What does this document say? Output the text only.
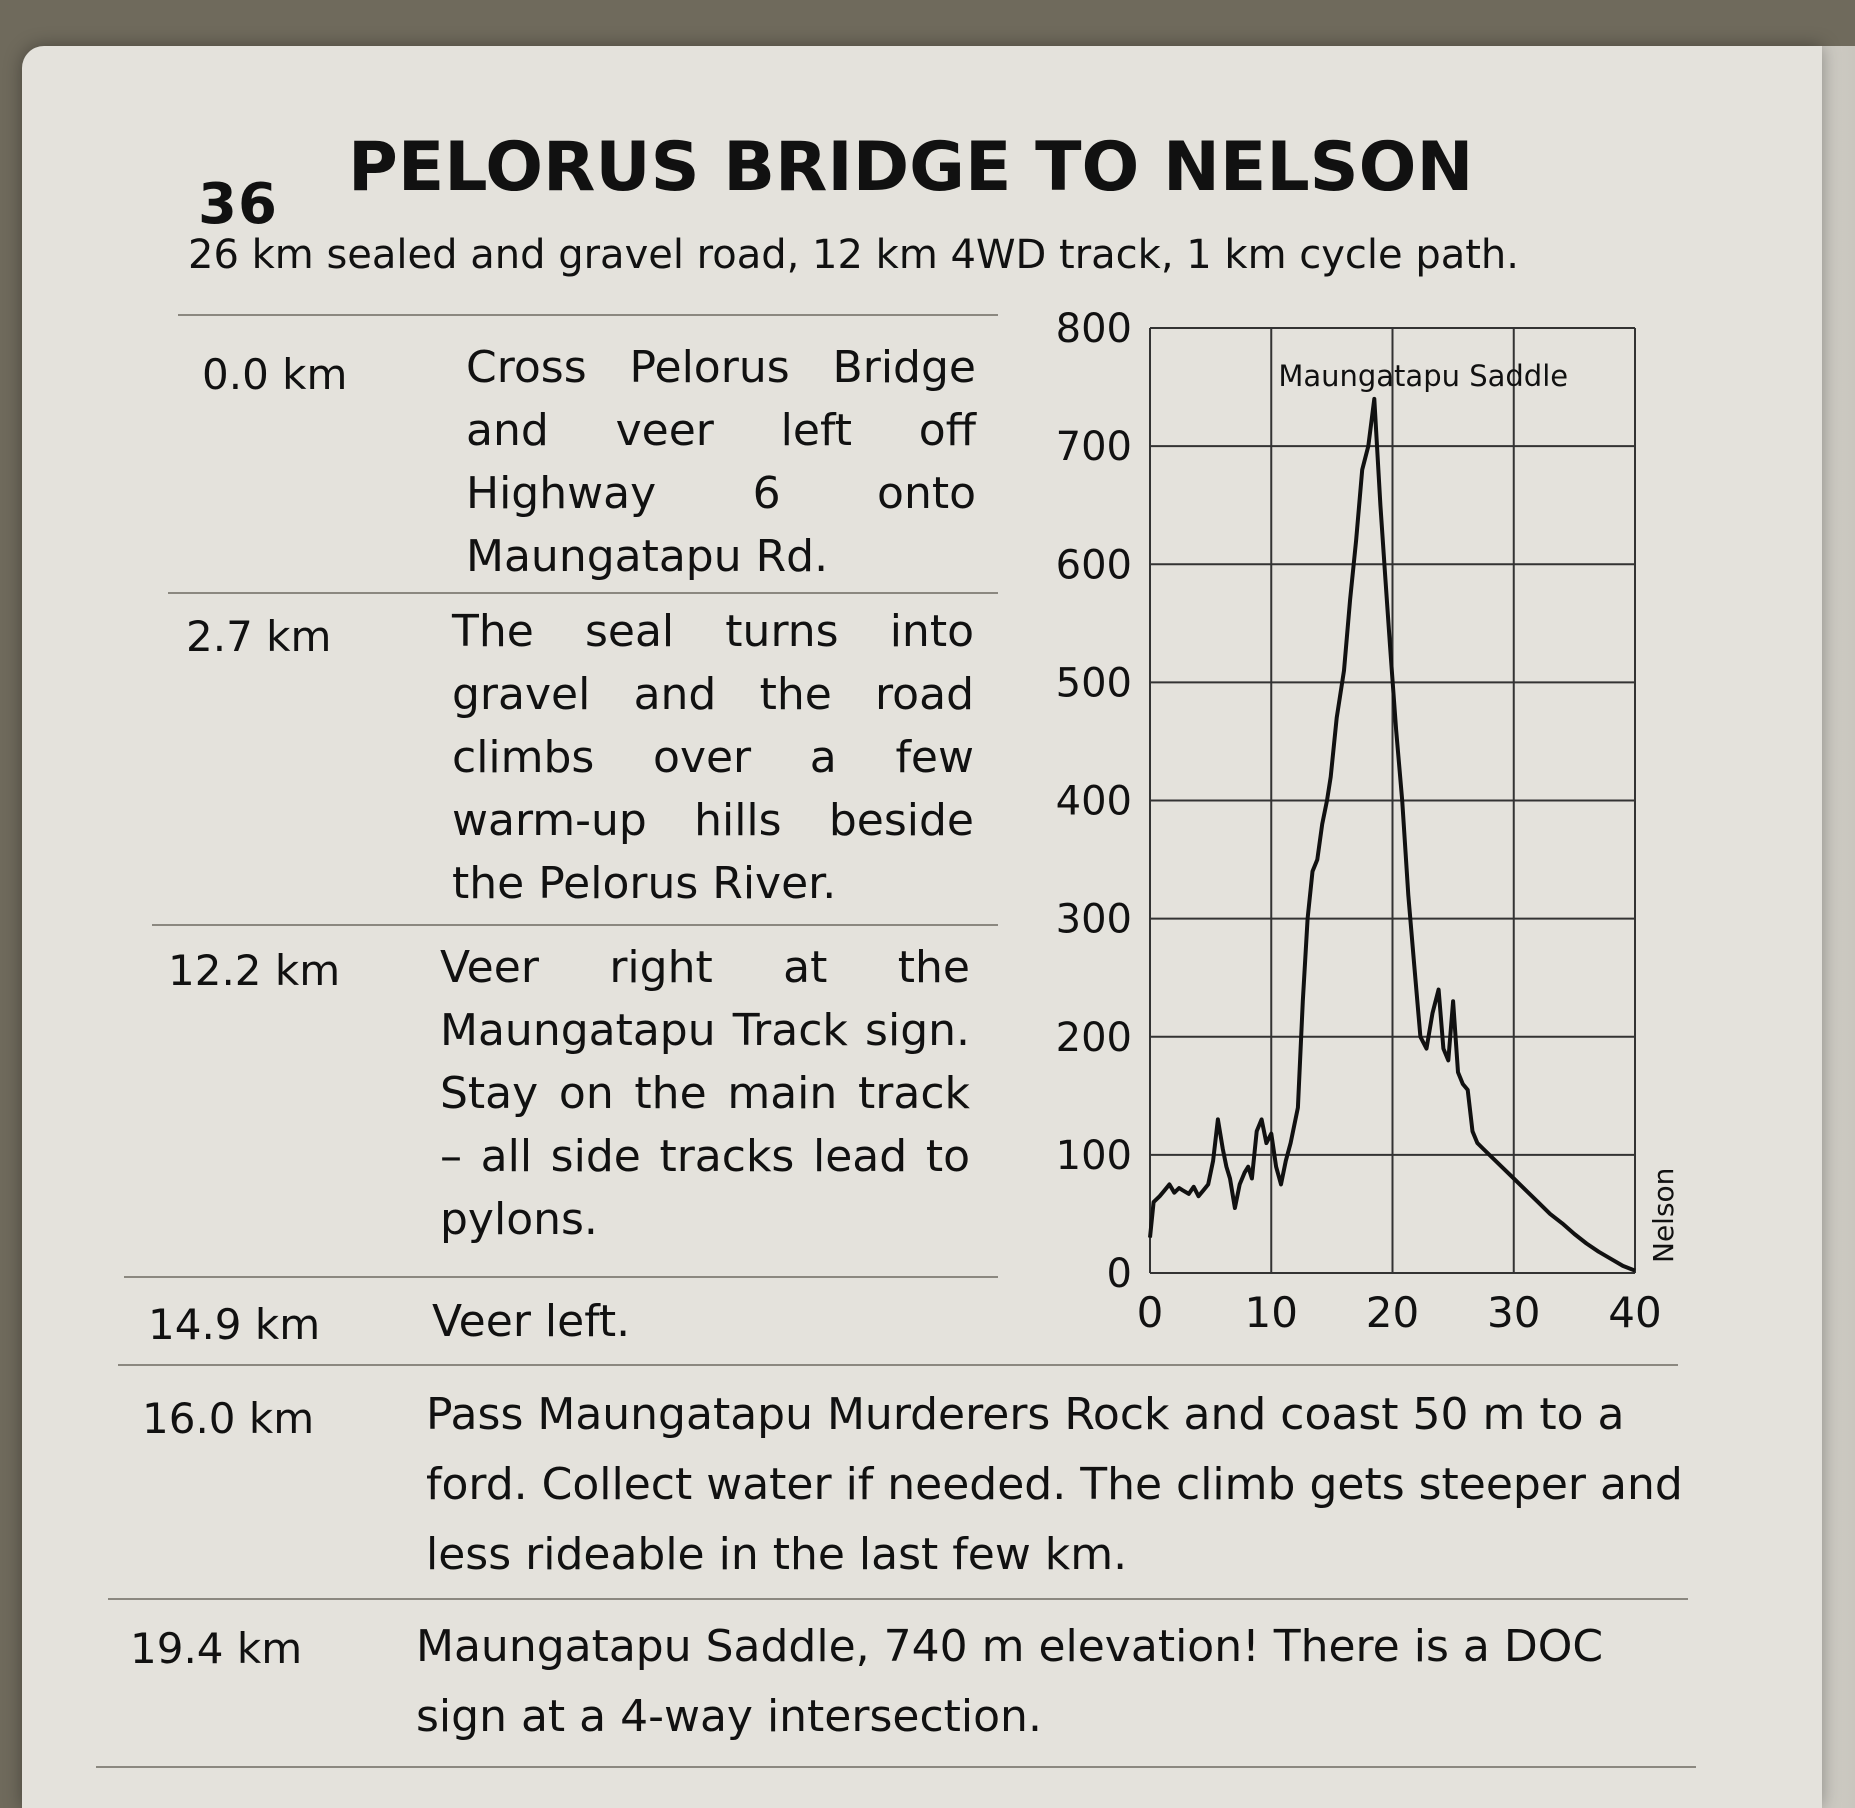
36 PELORUS BRIDGE TO NELSON
26 km sealed and gravel road, 12 km 4WD track, 1 km cycle path.
0.0 km	Cross Pelorus Bridge and veer left off Highway 6 onto Maungatapu Rd.
2.7 km	The seal turns into gravel and the road climbs over a few warm-up hills beside the Pelorus River.
12.2 km Veer right at the Maungatapu Track sign. Stay on the main track – all side tracks lead to pylons.
14.9 km	Veer left.
16.0 km	Pass Maungatapu Murderers Rock and coast 50 m to a ford. Collect water if needed. The climb gets steeper and less rideable in the last few km.
19.4 km	Maungatapu Saddle, 740 m elevation! There is a DOC sign at a 4-way intersection.
0
100
200
300
400
500
600
700
800
0 10 20 30 40
Maungatapu Saddle
Nelson
